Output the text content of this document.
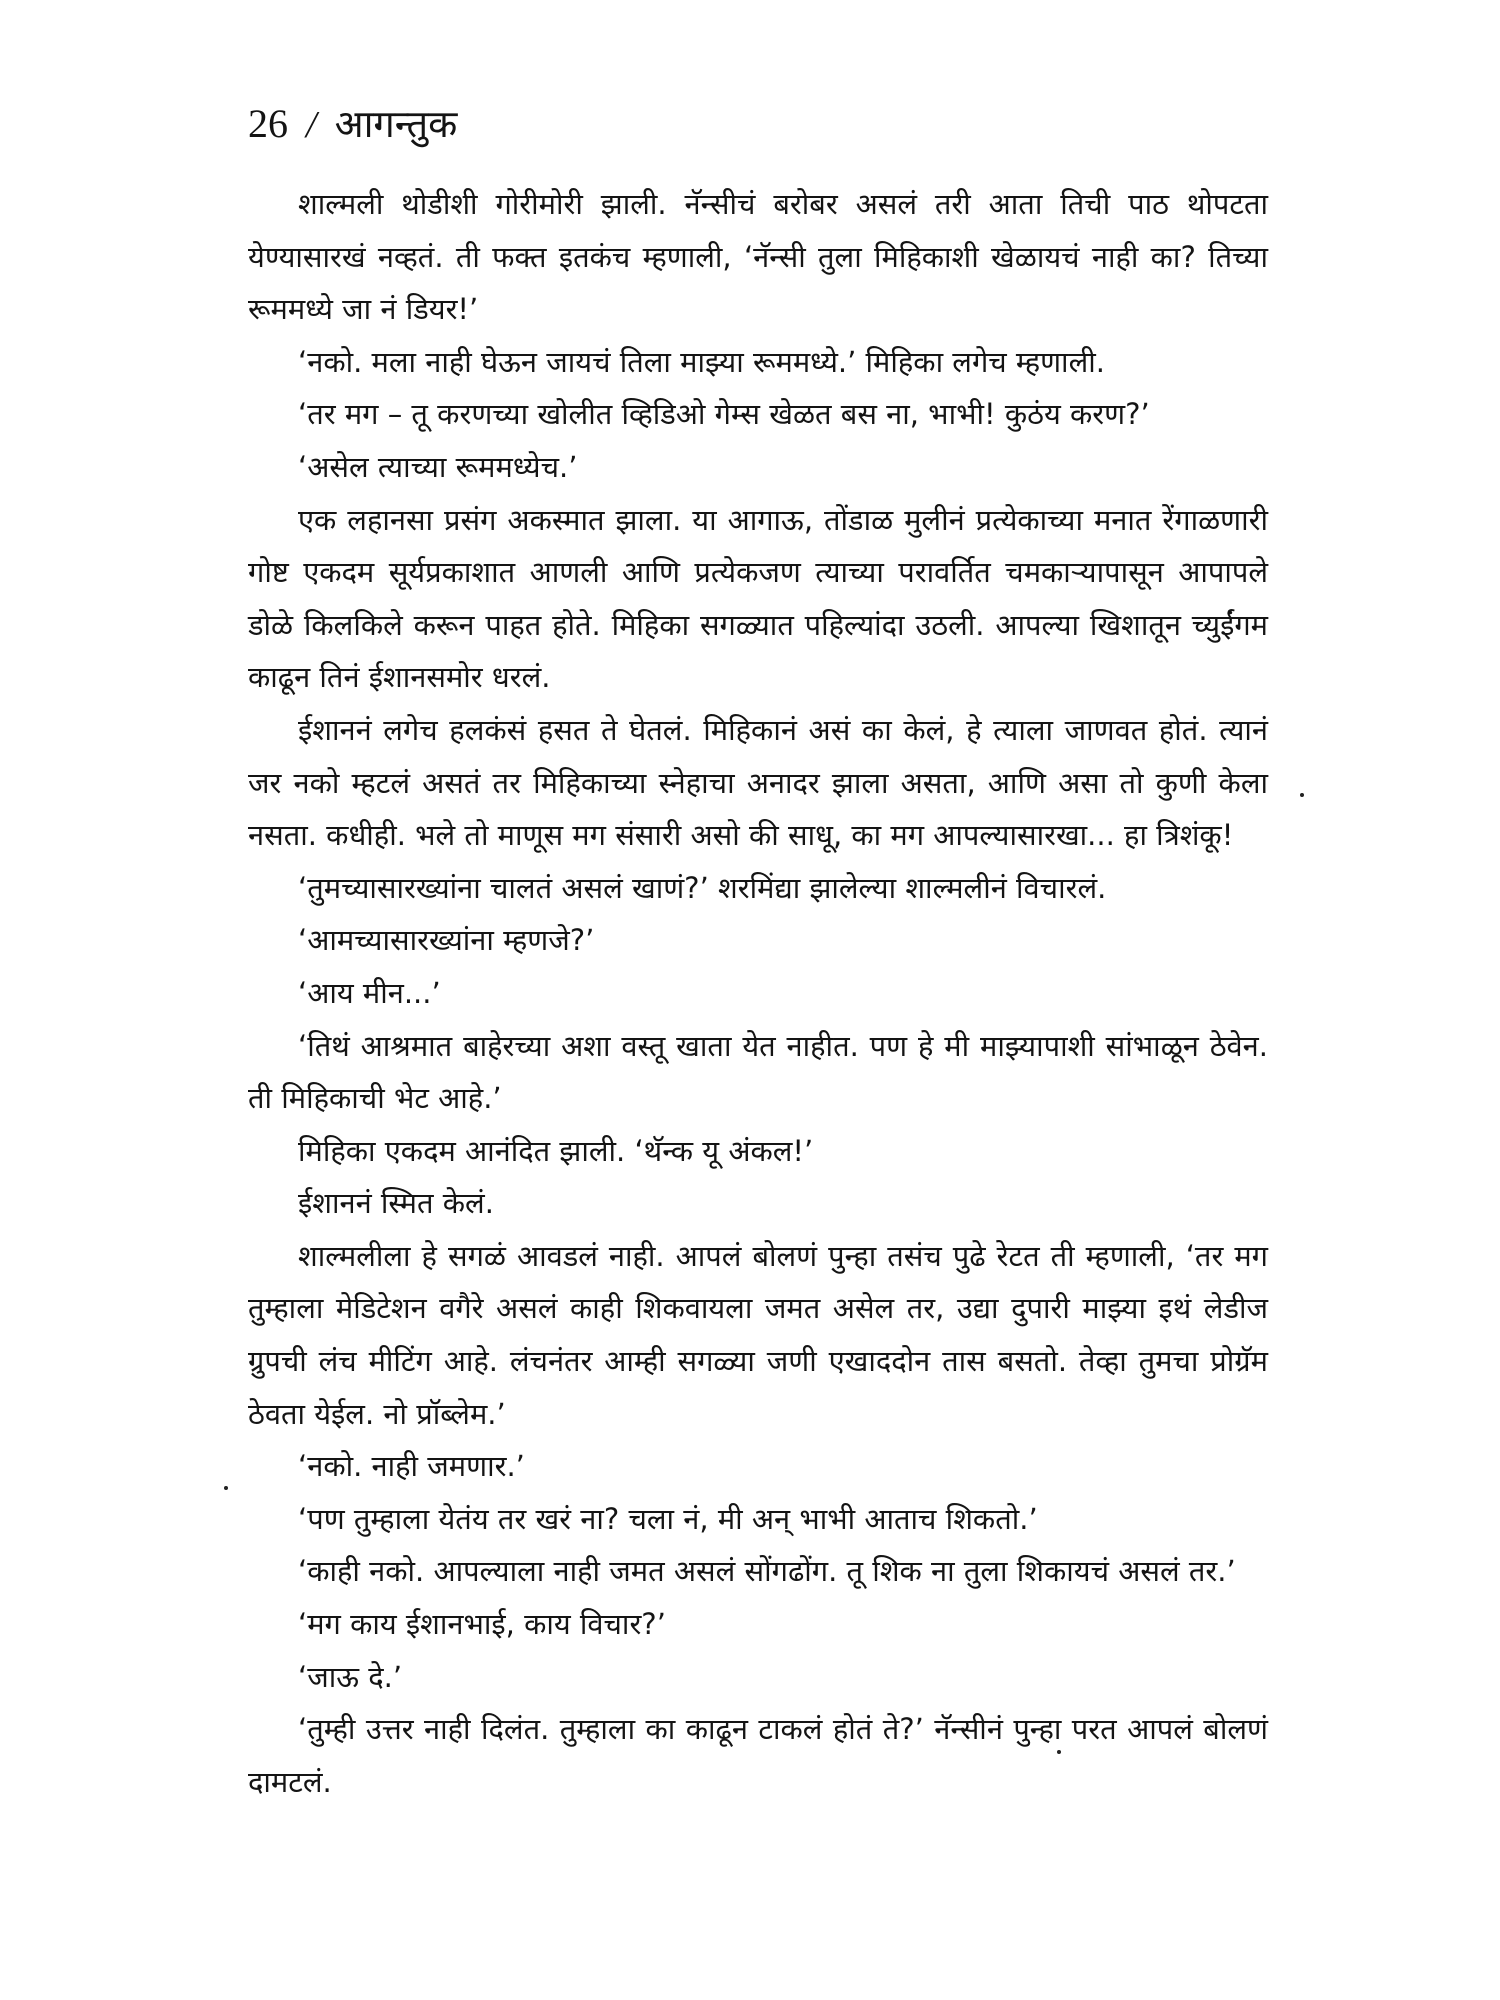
26 / आगन्तुक

शाल्मली थोडीशी गोरीमोरी झाली. नॅन्सीचं बरोबर असलं तरी आता तिची पाठ थोपटता येण्यासारखं नव्हतं. ती फक्त इतकंच म्हणाली, ‘नॅन्सी तुला मिहिकाशी खेळायचं नाही का? तिच्या रूममध्ये जा नं डियर!’

‘नको. मला नाही घेऊन जायचं तिला माझ्या रूममध्ये.’ मिहिका लगेच म्हणाली.

‘तर मग – तू करणच्या खोलीत व्हिडिओ गेम्स खेळत बस ना, भाभी! कुठंय करण?’

‘असेल त्याच्या रूममध्येच.’

एक लहानसा प्रसंग अकस्मात झाला. या आगाऊ, तोंडाळ मुलीनं प्रत्येकाच्या मनात रेंगाळणारी गोष्ट एकदम सूर्यप्रकाशात आणली आणि प्रत्येकजण त्याच्या परावर्तित चमकाऱ्यापासून आपापले डोळे किलकिले करून पाहत होते. मिहिका सगळ्यात पहिल्यांदा उठली. आपल्या खिशातून च्युईंगम काढून तिनं ईशानसमोर धरलं.

ईशाननं लगेच हलकंसं हसत ते घेतलं. मिहिकानं असं का केलं, हे त्याला जाणवत होतं. त्यानं जर नको म्हटलं असतं तर मिहिकाच्या स्नेहाचा अनादर झाला असता, आणि असा तो कुणी केला नसता. कधीही. भले तो माणूस मग संसारी असो की साधू, का मग आपल्यासारखा... हा त्रिशंकू!

‘तुमच्यासारख्यांना चालतं असलं खाणं?’ शरमिंद्या झालेल्या शाल्मलीनं विचारलं.

‘आमच्यासारख्यांना म्हणजे?’

‘आय मीन...’

‘तिथं आश्रमात बाहेरच्या अशा वस्तू खाता येत नाहीत. पण हे मी माझ्यापाशी सांभाळून ठेवेन. ती मिहिकाची भेट आहे.’

मिहिका एकदम आनंदित झाली. ‘थॅन्क यू अंकल!’

ईशाननं स्मित केलं.

शाल्मलीला हे सगळं आवडलं नाही. आपलं बोलणं पुन्हा तसंच पुढे रेटत ती म्हणाली, ‘तर मग तुम्हाला मेडिटेशन वगैरे असलं काही शिकवायला जमत असेल तर, उद्या दुपारी माझ्या इथं लेडीज ग्रुपची लंच मीटिंग आहे. लंचनंतर आम्ही सगळ्या जणी एखाददोन तास बसतो. तेव्हा तुमचा प्रोग्रॅम ठेवता येईल. नो प्रॉब्लेम.’

‘नको. नाही जमणार.’

‘पण तुम्हाला येतंय तर खरं ना? चला नं, मी अन् भाभी आताच शिकतो.’

‘काही नको. आपल्याला नाही जमत असलं सोंगढोंग. तू शिक ना तुला शिकायचं असलं तर.’

‘मग काय ईशानभाई, काय विचार?’

‘जाऊ दे.’

‘तुम्ही उत्तर नाही दिलंत. तुम्हाला का काढून टाकलं होतं ते?’ नॅन्सीनं पुन्हा परत आपलं बोलणं दामटलं.
